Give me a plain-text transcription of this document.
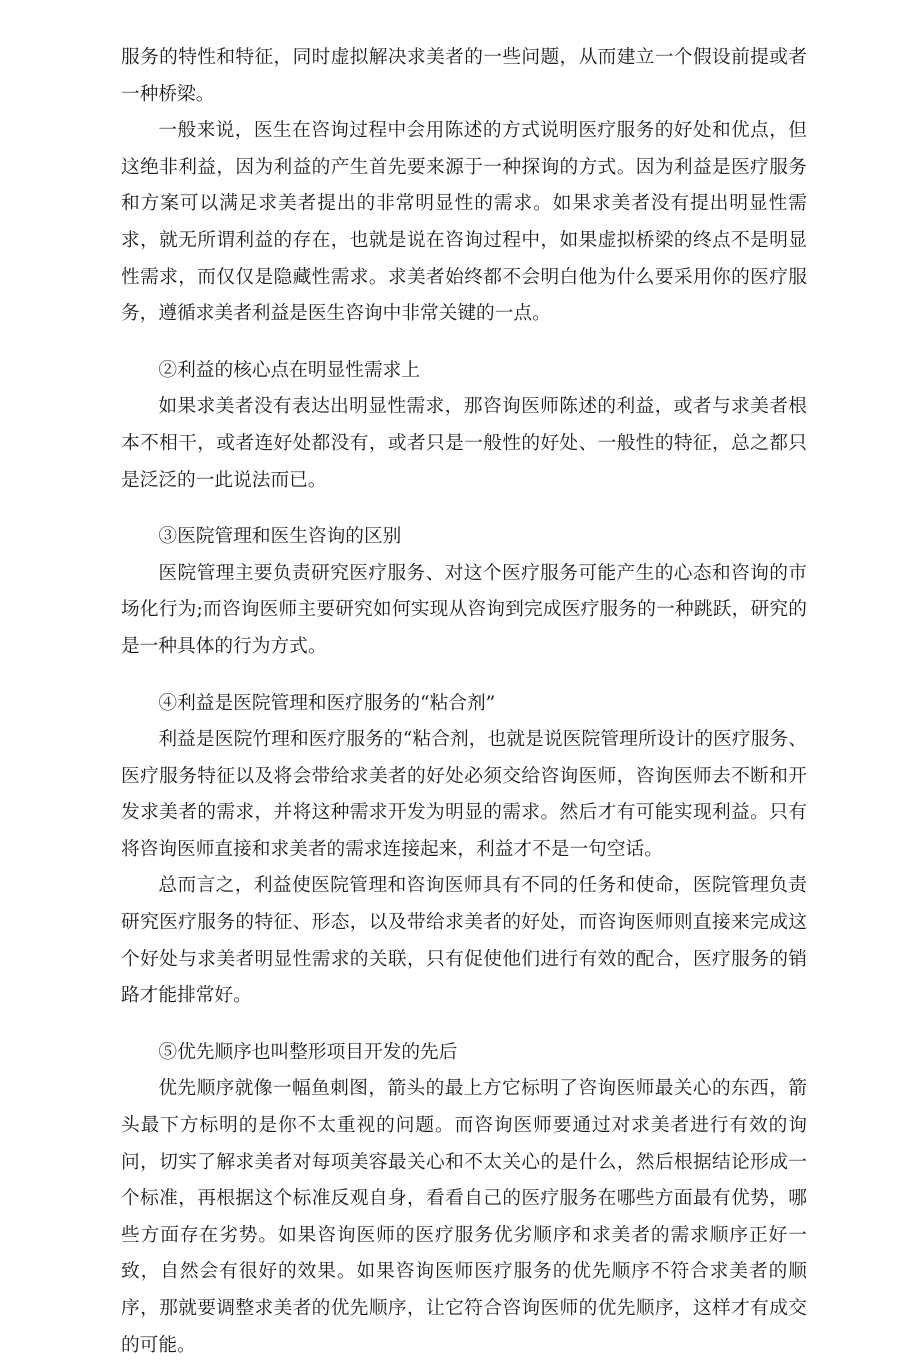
服务的特性和特征，同时虚拟解决求美者的一些问题，从而建立一个假设前提或者一种桥梁。

一般来说，医生在咨询过程中会用陈述的方式说明医疗服务的好处和优点，但这绝非利益，因为利益的产生首先要来源于一种探询的方式。因为利益是医疗服务和方案可以满足求美者提出的非常明显性的需求。如果求美者没有提出明显性需求，就无所谓利益的存在，也就是说在咨询过程中，如果虚拟桥梁的终点不是明显性需求，而仅仅是隐藏性需求。求美者始终都不会明白他为什么要采用你的医疗服务，遵循求美者利益是医生咨询中非常关键的一点。

②利益的核心点在明显性需求上

如果求美者没有表达出明显性需求，那咨询医师陈述的利益，或者与求美者根本不相干，或者连好处都没有，或者只是一般性的好处、一般性的特征，总之都只是泛泛的一此说法而已。

③医院管理和医生咨询的区别

医院管理主要负责研究医疗服务、对这个医疗服务可能产生的心态和咨询的市场化行为;而咨询医师主要研究如何实现从咨询到完成医疗服务的一种跳跃，研究的是一种具体的行为方式。

④利益是医院管理和医疗服务的“粘合剂”

利益是医院竹理和医疗服务的“粘合剂，也就是说医院管理所设计的医疗服务、医疗服务特征以及将会带给求美者的好处必须交给咨询医师，咨询医师去不断和开发求美者的需求，并将这种需求开发为明显的需求。然后才有可能实现利益。只有将咨询医师直接和求美者的需求连接起来，利益才不是一句空话。

总而言之，利益使医院管理和咨询医师具有不同的任务和使命，医院管理负责研究医疗服务的特征、形态，以及带给求美者的好处，而咨询医师则直接来完成这个好处与求美者明显性需求的关联，只有促使他们进行有效的配合，医疗服务的销路才能排常好。

⑤优先顺序也叫整形项目开发的先后

优先顺序就像一幅鱼刺图，箭头的最上方它标明了咨询医师最关心的东西，箭头最下方标明的是你不太重视的问题。而咨询医师要通过对求美者进行有效的询问，切实了解求美者对每项美容最关心和不太关心的是什么，然后根据结论形成一个标准，再根据这个标准反观自身，看看自己的医疗服务在哪些方面最有优势，哪些方面存在劣势。如果咨询医师的医疗服务优劣顺序和求美者的需求顺序正好一致，自然会有很好的效果。如果咨询医师医疗服务的优先顺序不符合求美者的顺序，那就要调整求美者的优先顺序，让它符合咨询医师的优先顺序，这样才有成交的可能。
